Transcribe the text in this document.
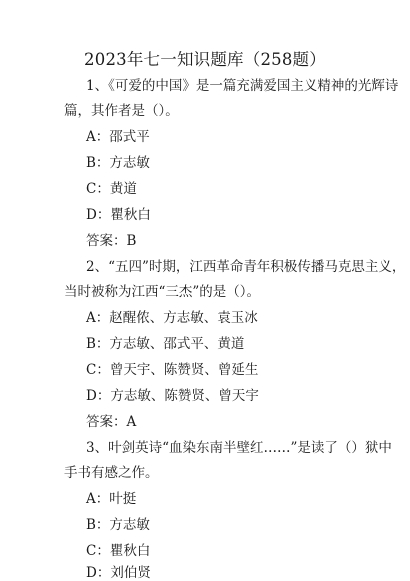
2023年七一知识题库（258题）
1、《可爱的中国》是一篇充满爱国主义精神的光辉诗
篇，其作者是（）。
A：邵式平
B：方志敏
C：黄道
D：瞿秋白
答案：B
2、“五四”时期，江西革命青年积极传播马克思主义，
当时被称为江西“三杰”的是（）。
A：赵醒侬、方志敏、袁玉冰
B：方志敏、邵式平、黄道
C：曾天宇、陈赞贤、曾延生
D：方志敏、陈赞贤、曾天宇
答案：A
3、叶剑英诗“血染东南半壁红……”是读了（）狱中
手书有感之作。
A：叶挺
B：方志敏
C：瞿秋白
D：刘伯贤
